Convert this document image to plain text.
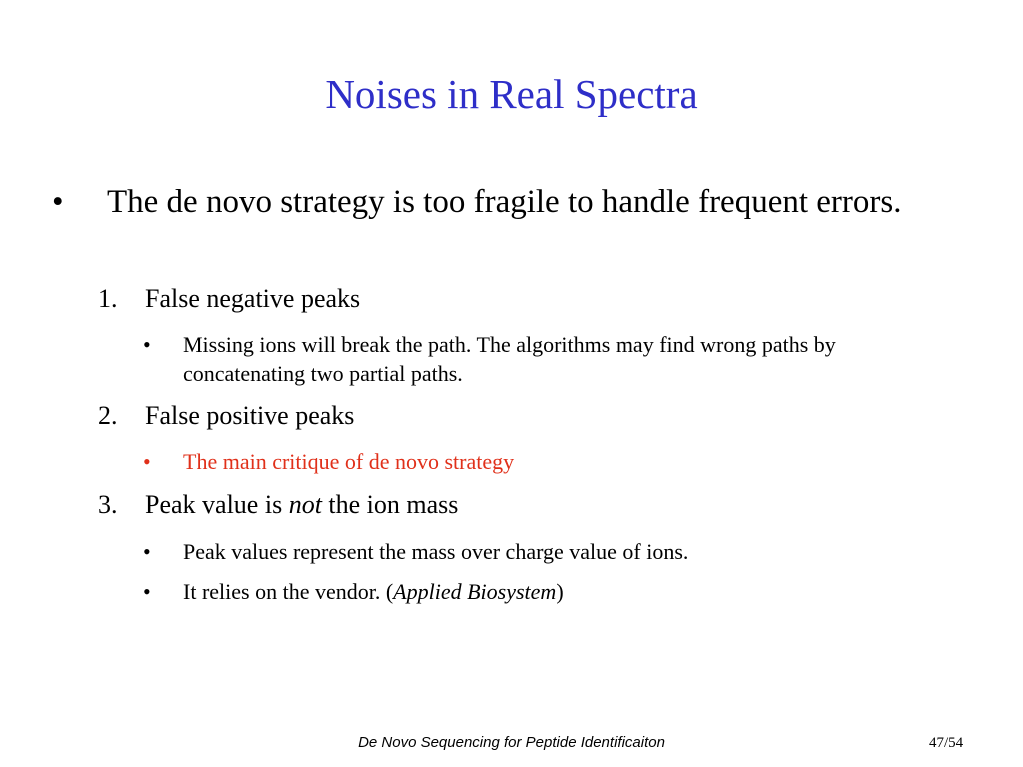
Noises in Real Spectra
• The de novo strategy is too fragile to handle frequent errors.
1. False negative peaks
• Missing ions will break the path. The algorithms may find wrong paths by concatenating two partial paths.
2. False positive peaks
• The main critique of de novo strategy
3. Peak value is not the ion mass
• Peak values represent the mass over charge value of ions.
• It relies on the vendor. (Applied Biosystem)
De Novo Sequencing for Peptide Identificaiton	47/54
